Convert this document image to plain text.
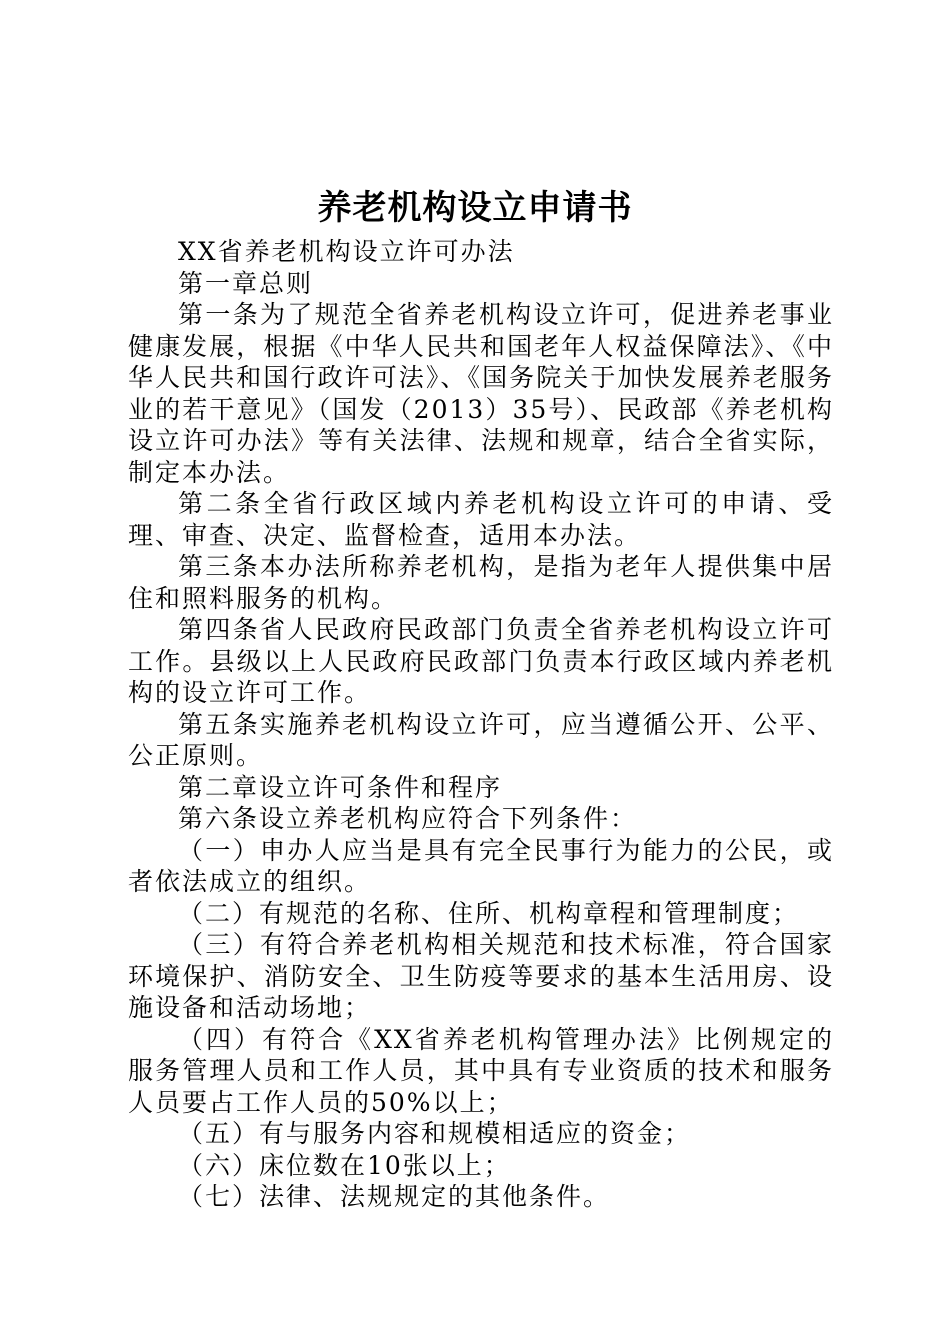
养老机构设立申请书

XX省养老机构设立许可办法

第一章总则

第一条为了规范全省养老机构设立许可，促进养老事业健康发展，根据《中华人民共和国老年人权益保障法》、《中华人民共和国行政许可法》、《国务院关于加快发展养老服务业的若干意见》（国发（2013）35号）、民政部《养老机构设立许可办法》等有关法律、法规和规章，结合全省实际，制定本办法。

第二条全省行政区域内养老机构设立许可的申请、受理、审查、决定、监督检查，适用本办法。

第三条本办法所称养老机构，是指为老年人提供集中居住和照料服务的机构。

第四条省人民政府民政部门负责全省养老机构设立许可工作。县级以上人民政府民政部门负责本行政区域内养老机构的设立许可工作。

第五条实施养老机构设立许可，应当遵循公开、公平、公正原则。

第二章设立许可条件和程序

第六条设立养老机构应符合下列条件：

（一）申办人应当是具有完全民事行为能力的公民，或者依法成立的组织。

（二）有规范的名称、住所、机构章程和管理制度；

（三）有符合养老机构相关规范和技术标准，符合国家环境保护、消防安全、卫生防疫等要求的基本生活用房、设施设备和活动场地；

（四）有符合《XX省养老机构管理办法》比例规定的服务管理人员和工作人员，其中具有专业资质的技术和服务人员要占工作人员的50%以上；

（五）有与服务内容和规模相适应的资金；

（六）床位数在10张以上；

（七）法律、法规规定的其他条件。
